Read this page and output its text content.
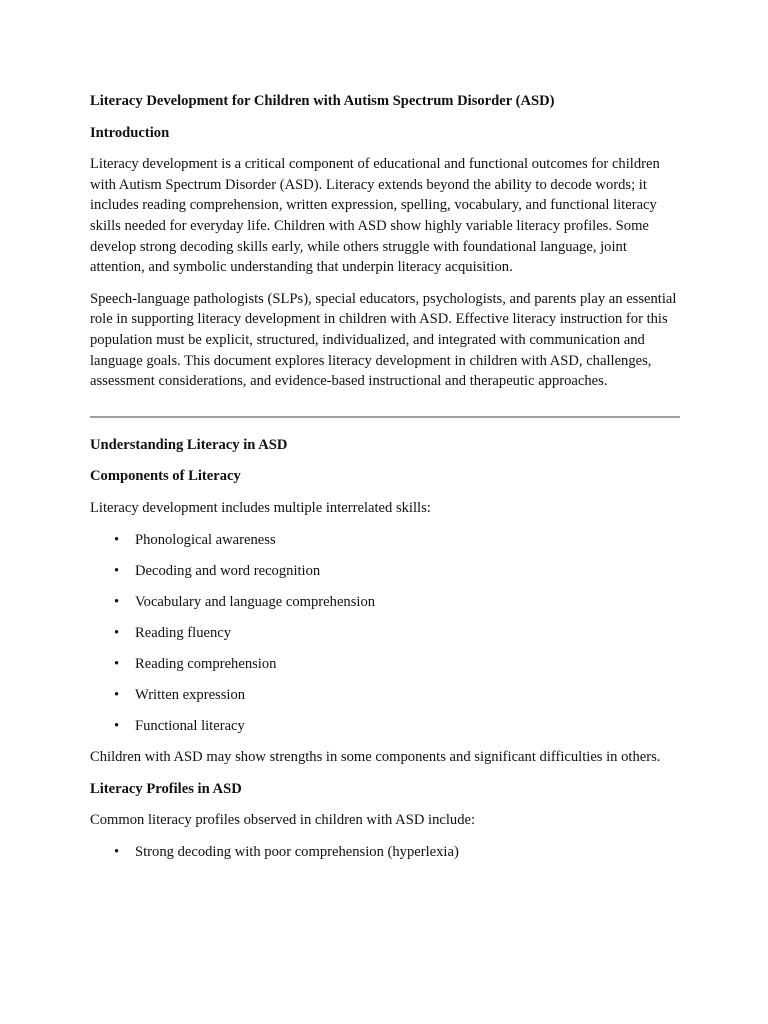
Literacy Development for Children with Autism Spectrum Disorder (ASD)
Introduction

Literacy development is a critical component of educational and functional outcomes for children with Autism Spectrum Disorder (ASD). Literacy extends beyond the ability to decode words; it includes reading comprehension, written expression, spelling, vocabulary, and functional literacy skills needed for everyday life. Children with ASD show highly variable literacy profiles. Some develop strong decoding skills early, while others struggle with foundational language, joint attention, and symbolic understanding that underpin literacy acquisition.

Speech-language pathologists (SLPs), special educators, psychologists, and parents play an essential role in supporting literacy development in children with ASD. Effective literacy instruction for this population must be explicit, structured, individualized, and integrated with communication and language goals. This document explores literacy development in children with ASD, challenges, assessment considerations, and evidence-based instructional and therapeutic approaches.

Understanding Literacy in ASD
Components of Literacy

Literacy development includes multiple interrelated skills:

• Phonological awareness
• Decoding and word recognition
• Vocabulary and language comprehension
• Reading fluency
• Reading comprehension
• Written expression
• Functional literacy

Children with ASD may show strengths in some components and significant difficulties in others.

Literacy Profiles in ASD

Common literacy profiles observed in children with ASD include:

• Strong decoding with poor comprehension (hyperlexia)
